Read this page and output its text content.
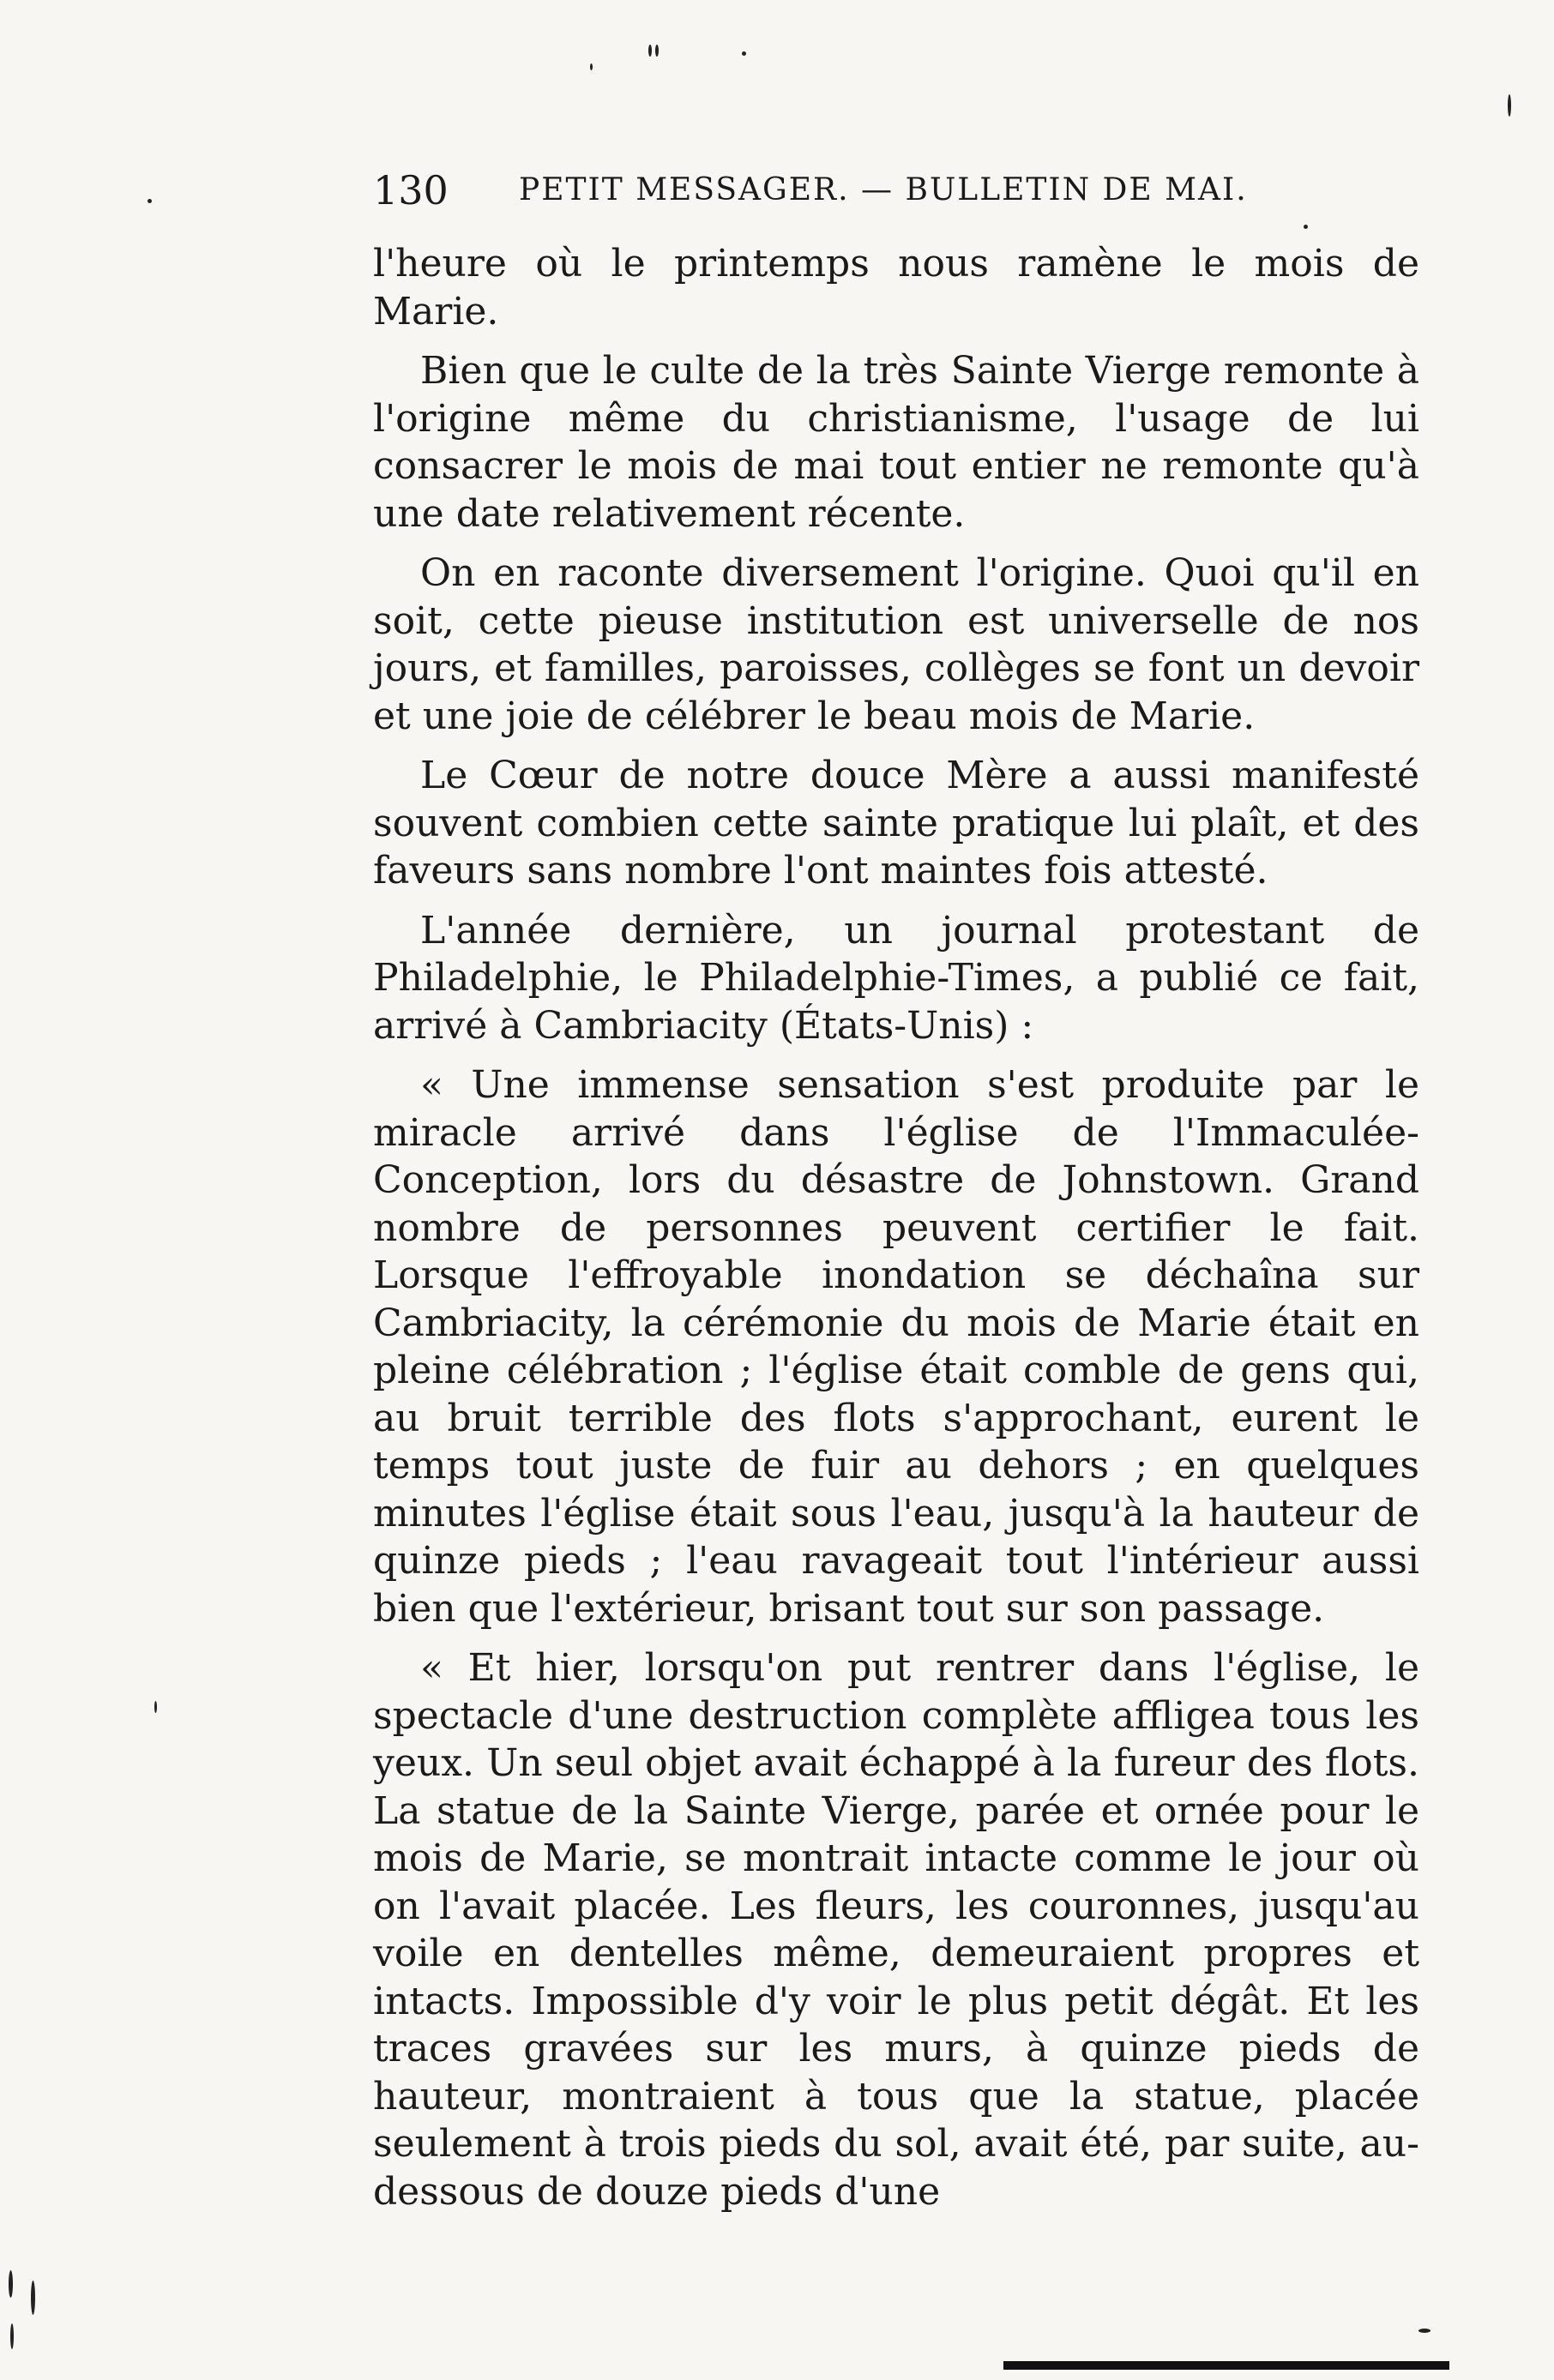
130 PETIT MESSAGER. — BULLETIN DE MAI.

l'heure où le printemps nous ramène le mois de Marie.

Bien que le culte de la très Sainte Vierge remonte à l'origine même du christianisme, l'usage de lui consacrer le mois de mai tout entier ne remonte qu'à une date relativement récente.

On en raconte diversement l'origine. Quoi qu'il en soit, cette pieuse institution est universelle de nos jours, et familles, paroisses, collèges se font un devoir et une joie de célébrer le beau mois de Marie.

Le Cœur de notre douce Mère a aussi manifesté souvent combien cette sainte pratique lui plaît, et des faveurs sans nombre l'ont maintes fois attesté.

L'année dernière, un journal protestant de Philadelphie, le Philadelphie-Times, a publié ce fait, arrivé à Cambriacity (États-Unis) :

« Une immense sensation s'est produite par le miracle arrivé dans l'église de l'Immaculée-Conception, lors du désastre de Johnstown. Grand nombre de personnes peuvent certifier le fait. Lorsque l'effroyable inondation se déchaîna sur Cambriacity, la cérémonie du mois de Marie était en pleine célébration ; l'église était comble de gens qui, au bruit terrible des flots s'approchant, eurent le temps tout juste de fuir au dehors ; en quelques minutes l'église était sous l'eau, jusqu'à la hauteur de quinze pieds ; l'eau ravageait tout l'intérieur aussi bien que l'extérieur, brisant tout sur son passage.

« Et hier, lorsqu'on put rentrer dans l'église, le spectacle d'une destruction complète affligea tous les yeux. Un seul objet avait échappé à la fureur des flots. La statue de la Sainte Vierge, parée et ornée pour le mois de Marie, se montrait intacte comme le jour où on l'avait placée. Les fleurs, les couronnes, jusqu'au voile en dentelles même, demeuraient propres et intacts. Impossible d'y voir le plus petit dégât. Et les traces gravées sur les murs, à quinze pieds de hauteur, montraient à tous que la statue, placée seulement à trois pieds du sol, avait été, par suite, au-dessous de douze pieds d'une
